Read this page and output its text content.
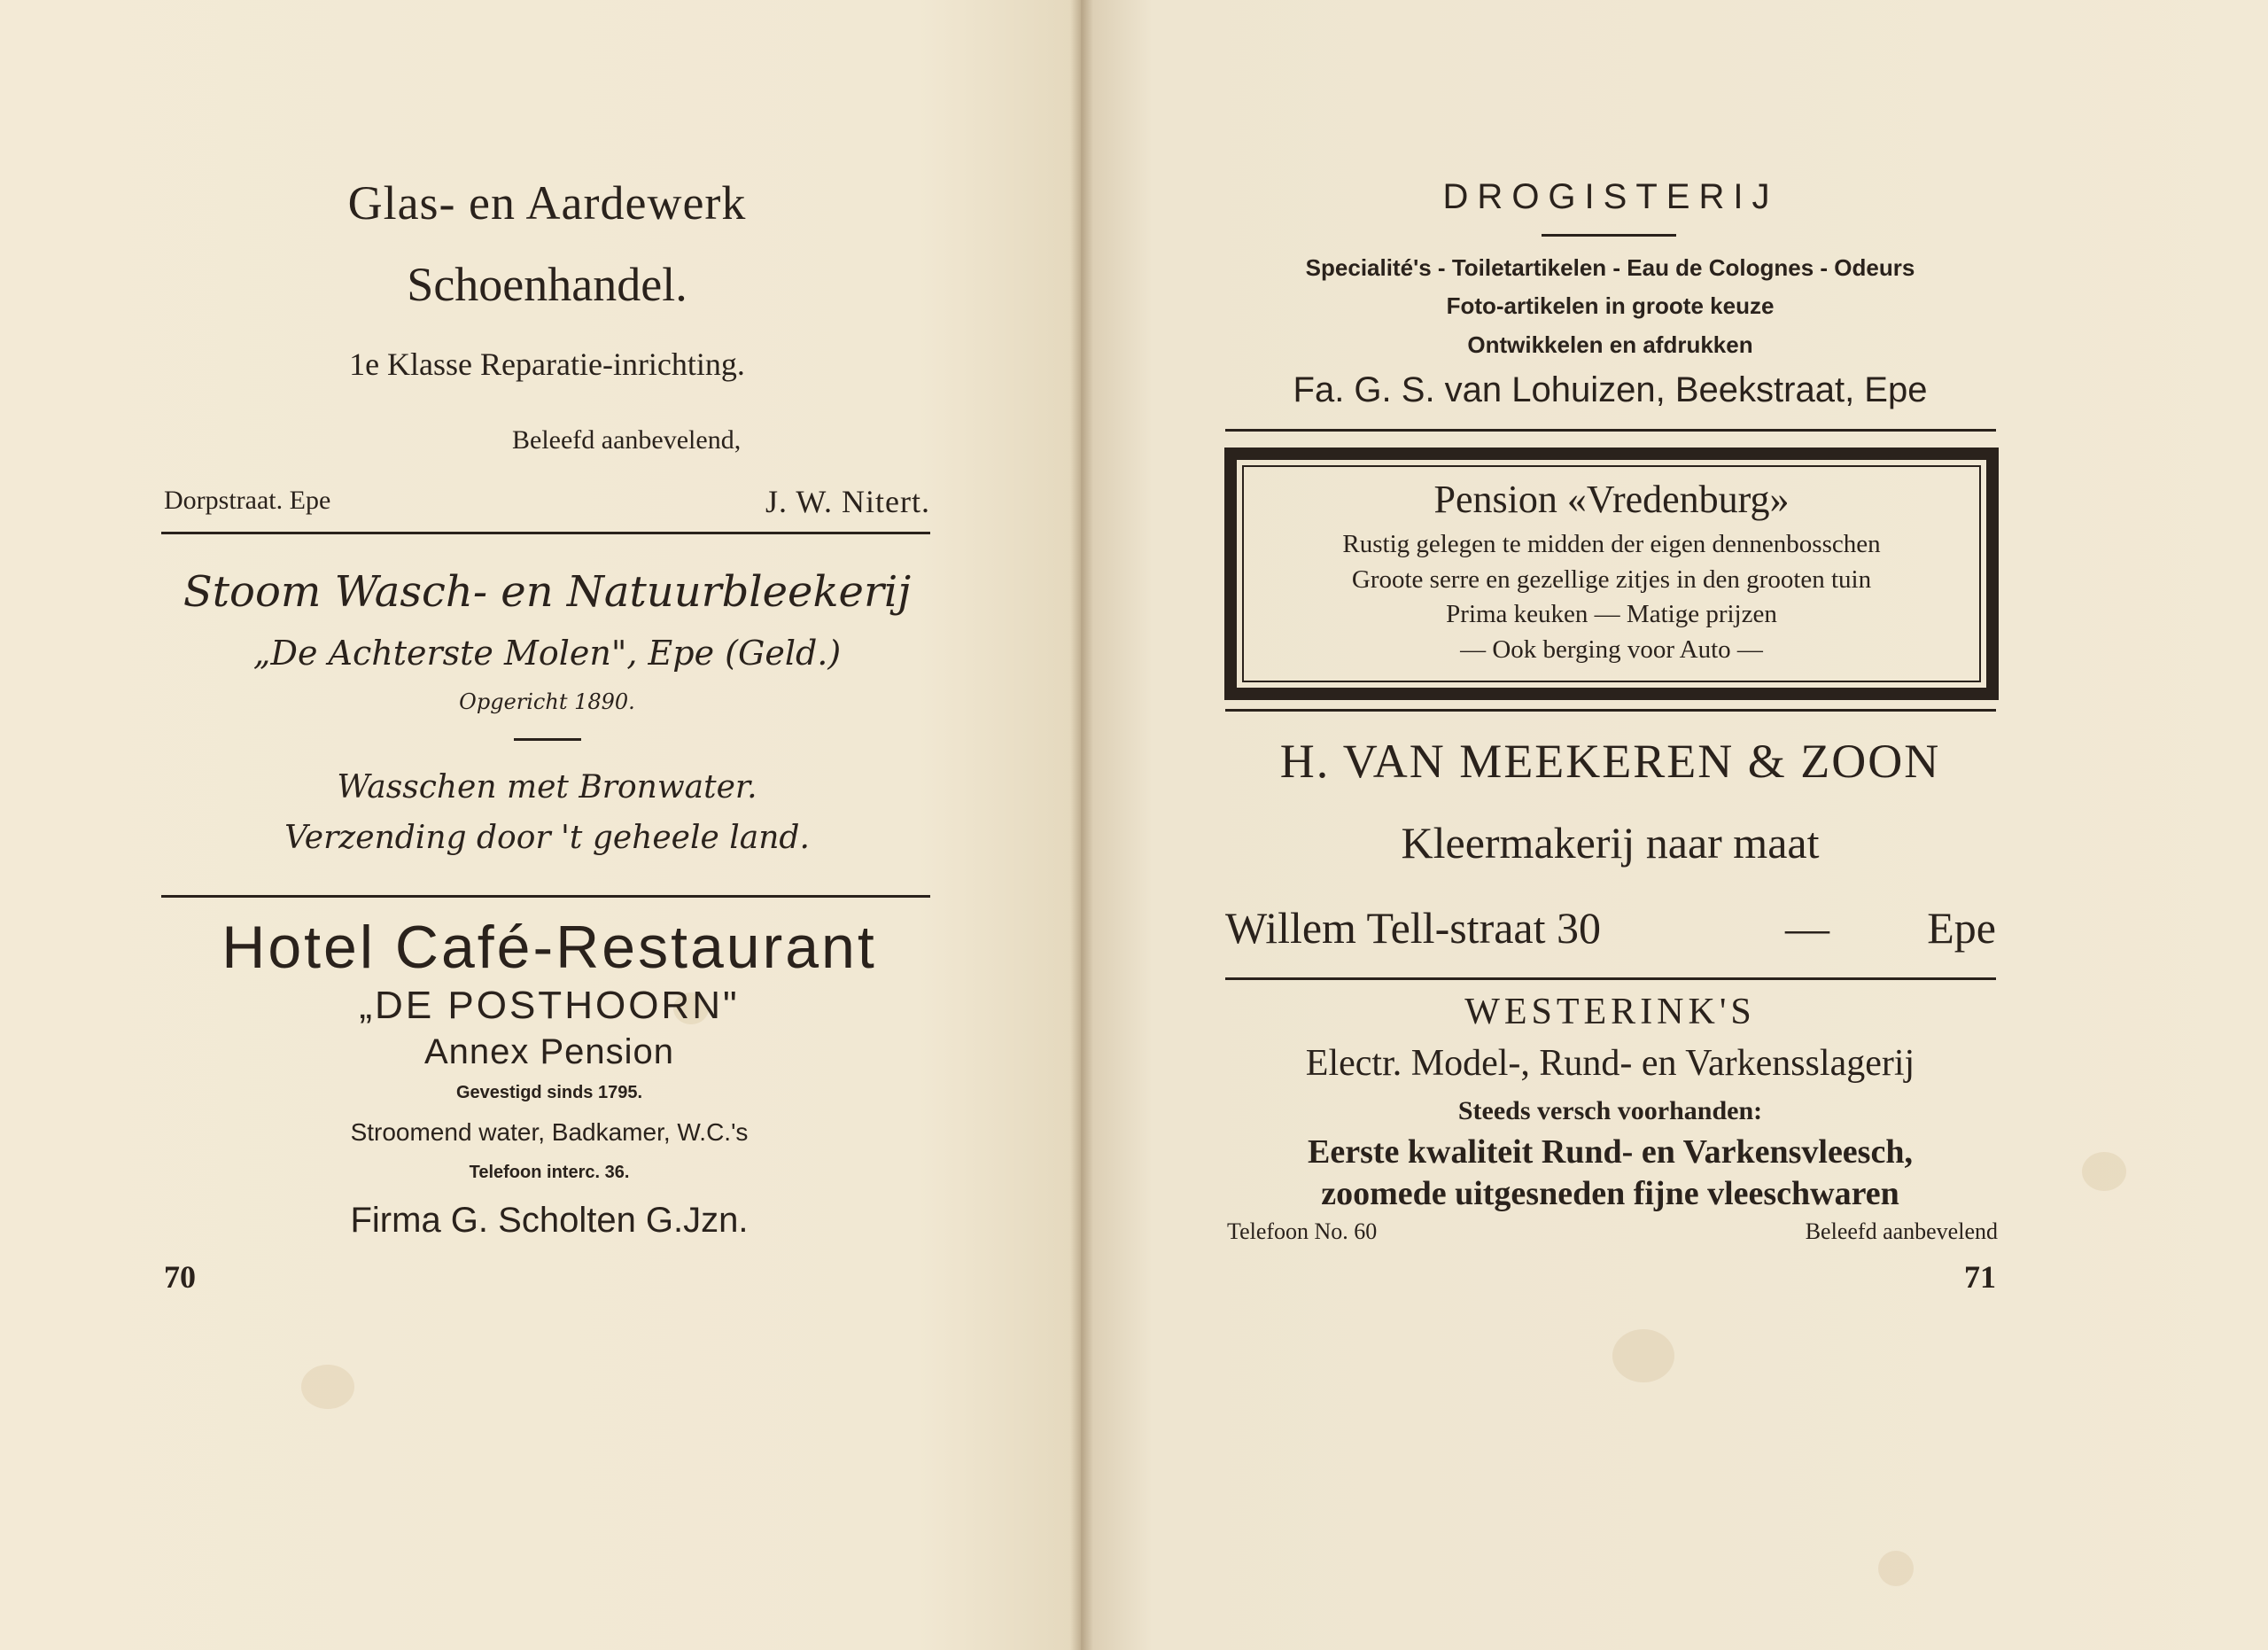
Glas- en Aardewerk
Schoenhandel.
1e Klasse Reparatie-inrichting.
Beleefd aanbevelend,
Dorpstraat. Epe	J. W. Nitert.
Stoom Wasch- en Natuurbleekerij
„De Achterste Molen", Epe (Geld.)
Opgericht 1890.
Wasschen met Bronwater.
Verzending door 't geheele land.
Hotel Café-Restaurant
„DE POSTHOORN"
Annex Pension
Gevestigd sinds 1795.
Stroomend water, Badkamer, W.C.'s
Telefoon interc. 36.
Firma G. Scholten G.Jzn.
70
DROGISTERIJ
Specialité's - Toiletartikelen - Eau de Colognes - Odeurs
Foto-artikelen in groote keuze
Ontwikkelen en afdrukken
Fa. G. S. van Lohuizen, Beekstraat, Epe
Pension «Vredenburg»
Rustig gelegen te midden der eigen dennenbosschen
Groote serre en gezellige zitjes in den grooten tuin
Prima keuken — Matige prijzen
— Ook berging voor Auto —
H. VAN MEEKEREN & ZOON
Kleermakerij naar maat
Willem Tell-straat 30	—	Epe
WESTERINK'S
Electr. Model-, Rund- en Varkensslagerij
Steeds versch voorhanden:
Eerste kwaliteit Rund- en Varkensvleesch,
zoomede uitgesneden fijne vleeschwaren
Telefoon No. 60	Beleefd aanbevelend
71
